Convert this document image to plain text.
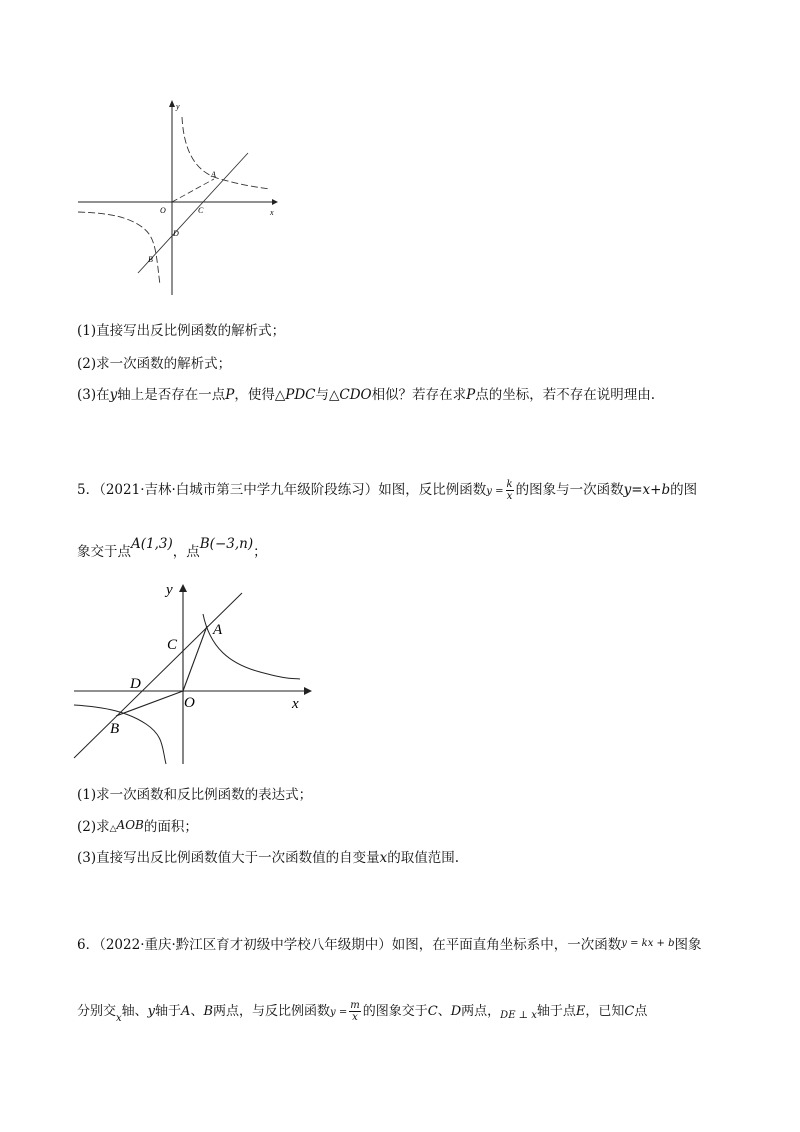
y
x
O
A
C
D
B
(1)直接写出反比例函数的解析式；
(2)求一次函数的解析式；
(3)在y轴上是否存在一点P，使得△PDC与△CDO相似？若存在求P点的坐标，若不存在说明理由.
5．（2021·吉林·白城市第三中学九年级阶段练习）如图，反比例函数$y = \frac{k}{x}$ 的图象与一次函数y=x+b的图
象交于点A(1,3)，点B(−3,n)；
y
x
O
A
C
D
B
(1)求一次函数和反比例函数的表达式；
(2)求△AOB的面积；
(3)直接写出反比例函数值大于一次函数值的自变量x的取值范围.
6．（2022·重庆·黔江区育才初级中学校八年级期中）如图，在平面直角坐标系中，一次函数$^{y = kx + b}$图象
分别交$_x$轴、y轴于A、B两点，与反比例函数$y = \frac{m}{x}$ 的图象交于C、D两点，$_{DE \perp x}$轴于点E，已知C点
